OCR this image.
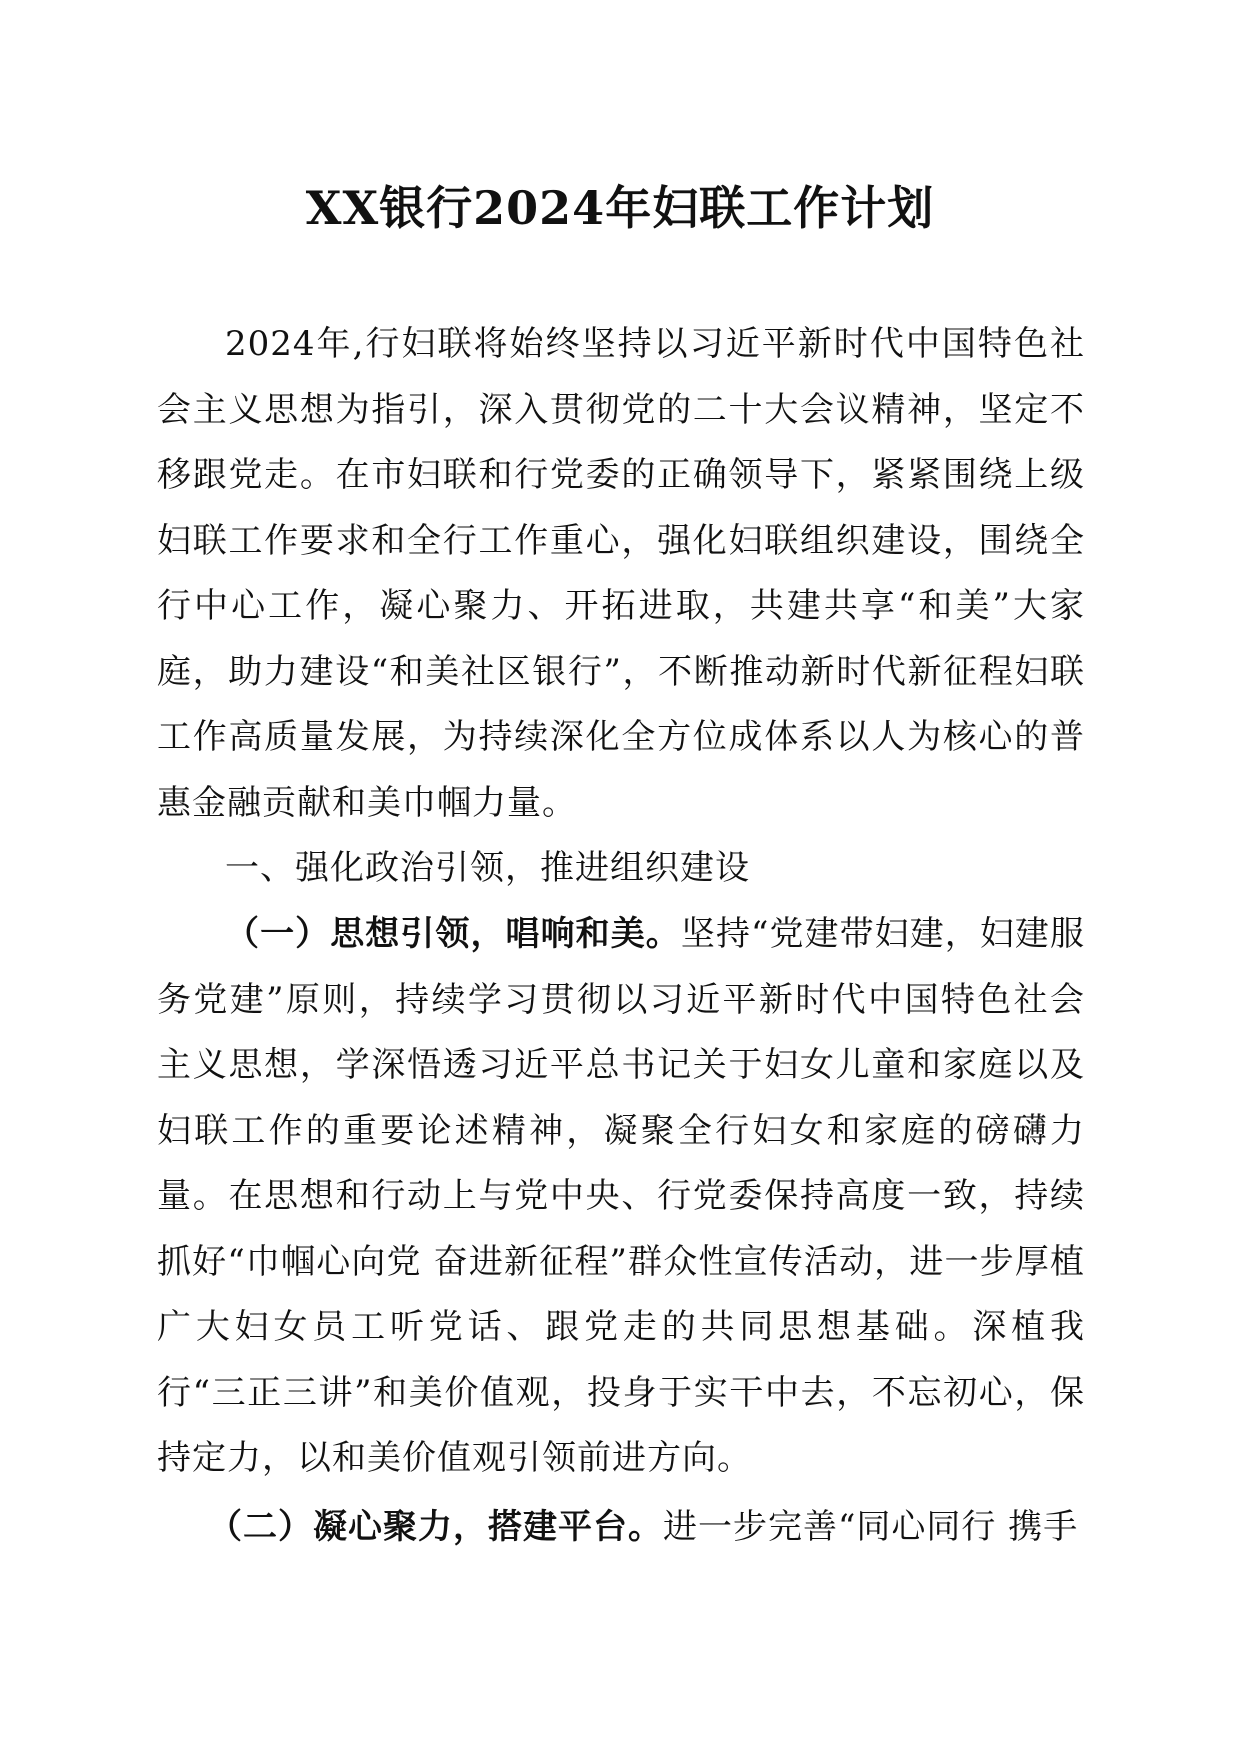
XX银行2024年妇联工作计划

2024年,行妇联将始终坚持以习近平新时代中国特色社会主义思想为指引，深入贯彻党的二十大会议精神，坚定不移跟党走。在市妇联和行党委的正确领导下，紧紧围绕上级妇联工作要求和全行工作重心，强化妇联组织建设，围绕全行中心工作，凝心聚力、开拓进取，共建共享“和美”大家庭，助力建设“和美社区银行”，不断推动新时代新征程妇联工作高质量发展，为持续深化全方位成体系以人为核心的普惠金融贡献和美巾帼力量。

一、强化政治引领，推进组织建设

（一）思想引领，唱响和美。坚持“党建带妇建，妇建服务党建”原则，持续学习贯彻以习近平新时代中国特色社会主义思想，学深悟透习近平总书记关于妇女儿童和家庭以及妇联工作的重要论述精神，凝聚全行妇女和家庭的磅礴力量。在思想和行动上与党中央、行党委保持高度一致，持续抓好“巾帼心向党 奋进新征程”群众性宣传活动，进一步厚植广大妇女员工听党话、跟党走的共同思想基础。深植我行“三正三讲”和美价值观，投身于实干中去，不忘初心，保持定力，以和美价值观引领前进方向。

（二）凝心聚力，搭建平台。进一步完善“同心同行 携手
